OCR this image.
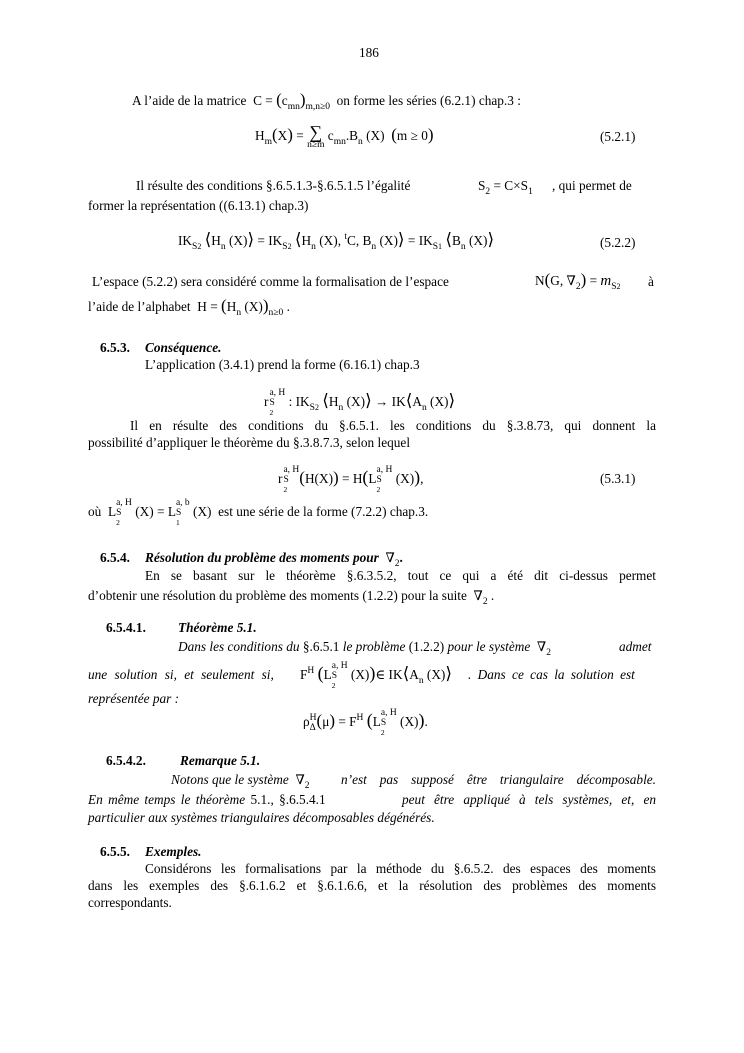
186
A l’aide de la matrice  $C = (c_{mn})_{m,n\ge 0}$ on forme les séries (6.2.1) chap.3 :
$H_m(X)$ = ∑
n≥m
$c_{mn}.B_n$ (X)  (m ≥ 0)	(5.2.1)
Il résulte des conditions §.6.5.1.3-§.6.5.1.5 l’égalité	$S_2 = C\times S_1$ , qui permet de
former la représentation ((6.13.1) chap.3)
$IK_{S2}$ $⟨H_n$ (X)⟩ = $IK_{S2}$ $⟨H_n$ (X), $^t$C, $B_n$ (X)⟩ = $IK_{S1}$ $⟨B_n$ (X)⟩	(5.2.2)
L’espace (5.2.2) sera considéré comme la formalisation de l’espace	N(G, $\nabla_2) = m_{S2}$ à
l’aide de l’alphabet  $H = (H_n$ $(X))_{n\ge 0}$ .
6.5.3. Conséquence.
L’application (3.4.1) prend la forme (6.16.1) chap.3
r
a, H
S
2
: $IK_{S2}$ $⟨H_n$ (X)⟩ → $IK⟨A_n$ (X)⟩
Il en résulte des conditions du §.6.5.1. les conditions du §.3.8.73, qui donnent la
possibilité d’appliquer le théorème du §.3.8.7.3, selon lequel
r
a, H
S
2
(H(X)) = H(L
a, H
S
2
(X)),	(5.3.1)
où L
a, H
S
2
(X) = L
a, b
S
1
(X) est une série de la forme (7.2.2) chap.3.
6.5.4. Résolution du problème des moments pour  $\nabla_2$.
En se basant sur le théorème §.6.3.5.2, tout ce qui a été dit ci-dessus permet
d’obtenir une résolution du problème des moments (1.2.2) pour la suite  $\nabla_2$ .
6.5.4.1. Théorème 5.1.
Dans les conditions du §.6.5.1 le problème (1.2.2) pour le système  $\nabla_2$	admet
une solution si, et seulement si, $F^H$ (L
a, H
S
2
(X))∈ $IK⟨A_n$ (X)⟩ . Dans ce cas la solution est
représentée par :
ρ H
Δ $(\mu) = F^H$ (L
a, H
S
2
(X)).
6.5.4.2.	Remarque 5.1.
Notons que le système  $\nabla_2$ n’est pas supposé être triangulaire décomposable.
En même temps le théorème 5.1., §.6.5.4.1	peut être appliqué à tels systèmes, et, en
particulier aux systèmes triangulaires décomposables dégénérés.
6.5.5. Exemples.
Considérons les formalisations par la méthode du §.6.5.2. des espaces des moments
dans les exemples des §.6.1.6.2 et §.6.1.6.6, et la résolution des problèmes des moments
correspondants.
